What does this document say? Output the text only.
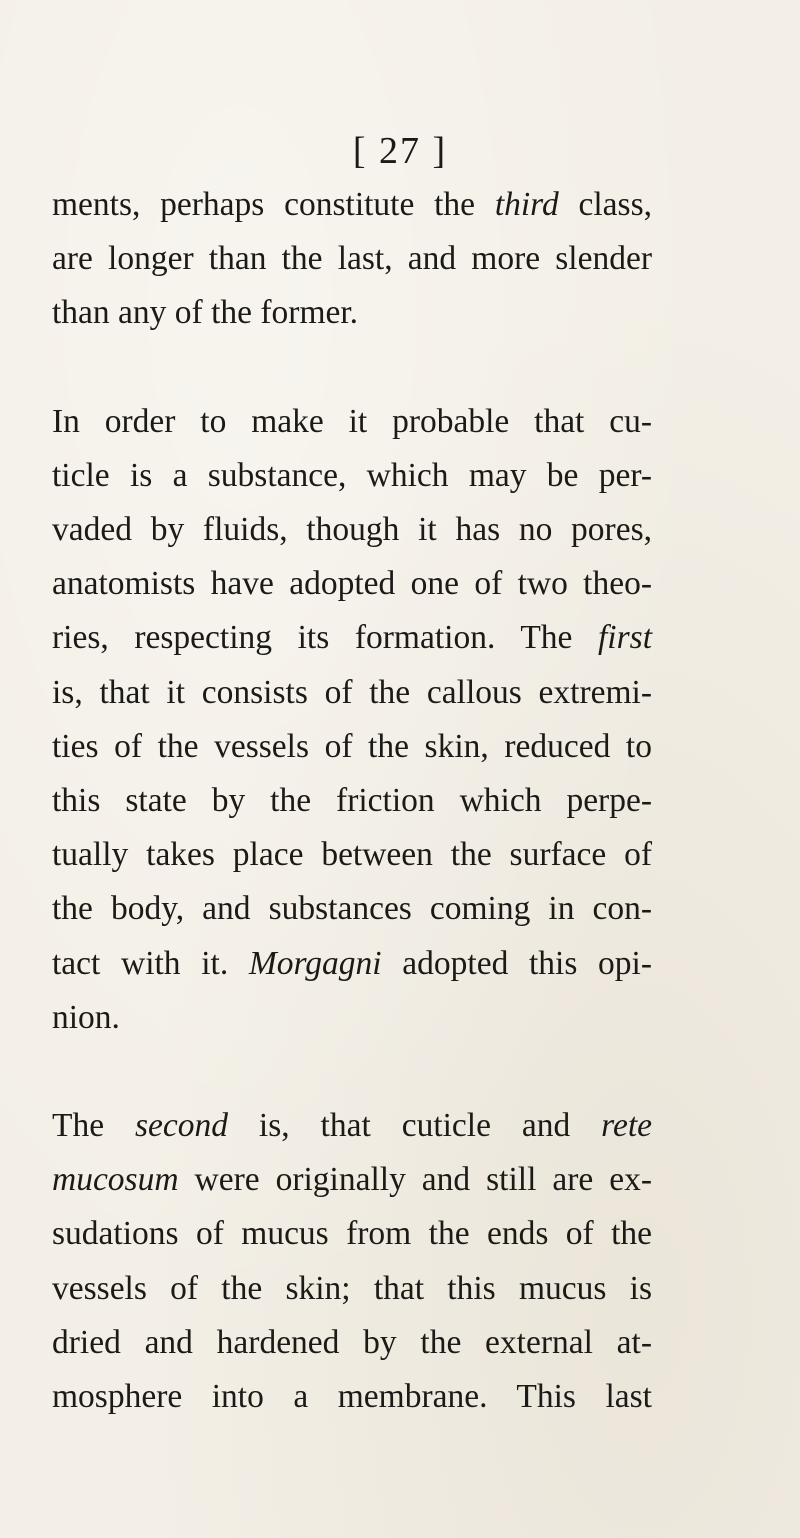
[ 27 ]

ments, perhaps constitute the third class,
are longer than the last, and more slender
than any of the former.

In order to make it probable that cu-
ticle is a substance, which may be per-
vaded by fluids, though it has no pores,
anatomists have adopted one of two theo-
ries, respecting its formation. The first
is, that it consists of the callous extremi-
ties of the vessels of the skin, reduced to
this state by the friction which perpe-
tually takes place between the surface of
the body, and substances coming in con-
tact with it. Morgagni adopted this opi-
nion.

The second is, that cuticle and rete
mucosum were originally and still are ex-
sudations of mucus from the ends of the
vessels of the skin; that this mucus is
dried and hardened by the external at-
mosphere into a membrane. This last
